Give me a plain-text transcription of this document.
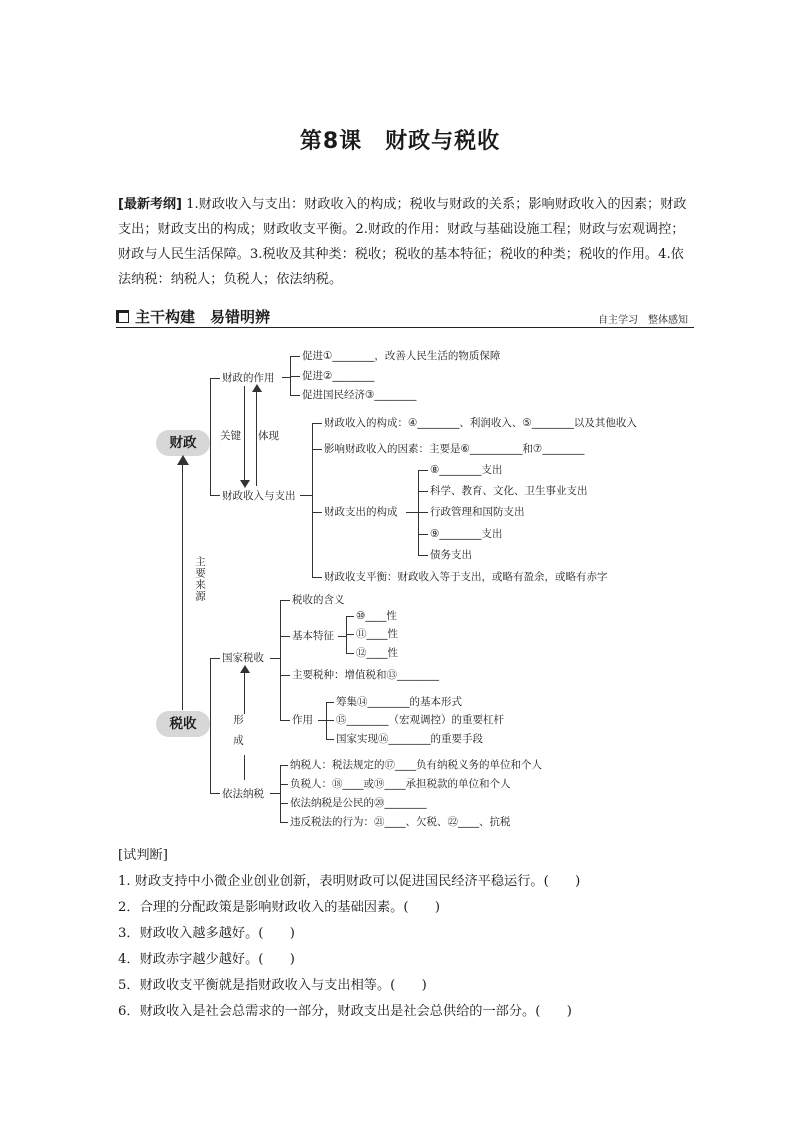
第8课　财政与税收
[最新考纲] 1.财政收入与支出：财政收入的构成；税收与财政的关系；影响财政收入的因素；财政支出；财政支出的构成；财政收支平衡。2.财政的作用：财政与基础设施工程；财政与宏观调控；财政与人民生活保障。3.税收及其种类：税收；税收的基本特征；税收的种类；税收的作用。4.依法纳税：纳税人；负税人；依法纳税。
主干构建　易错明辨	自主学习　整体感知
财政
税收
主要来源
财政的作用
财政收入与支出
关键 体现
促进①________，改善人民生活的物质保障
促进②________
促进国民经济③________
财政收入的构成：④________、利润收入、⑤________以及其他收入
影响财政收入的因素：主要是⑥__________和⑦________
财政支出的构成
财政收支平衡：财政收入等于支出，或略有盈余，或略有赤字
⑧________支出
科学、教育、文化、卫生事业支出
行政管理和国防支出
⑨________支出
债务支出
国家税收
依法纳税
形成
税收的含义
基本特征
主要税种：增值税和⑬________
作用
⑩____性
⑪____性
⑫____性
筹集⑭________的基本形式
⑮________（宏观调控）的重要杠杆
国家实现⑯________的重要手段
纳税人：税法规定的⑰____负有纳税义务的单位和个人
负税人：⑱____或⑲____承担税款的单位和个人
依法纳税是公民的⑳________
违反税法的行为：㉑____、欠税、㉒____、抗税
[试判断]
1. 财政支持中小微企业创业创新，表明财政可以促进国民经济平稳运行。(　　)
2．合理的分配政策是影响财政收入的基础因素。(　　)
3．财政收入越多越好。(　　)
4．财政赤字越少越好。(　　)
5．财政收支平衡就是指财政收入与支出相等。(　　)
6．财政收入是社会总需求的一部分，财政支出是社会总供给的一部分。(　　)
